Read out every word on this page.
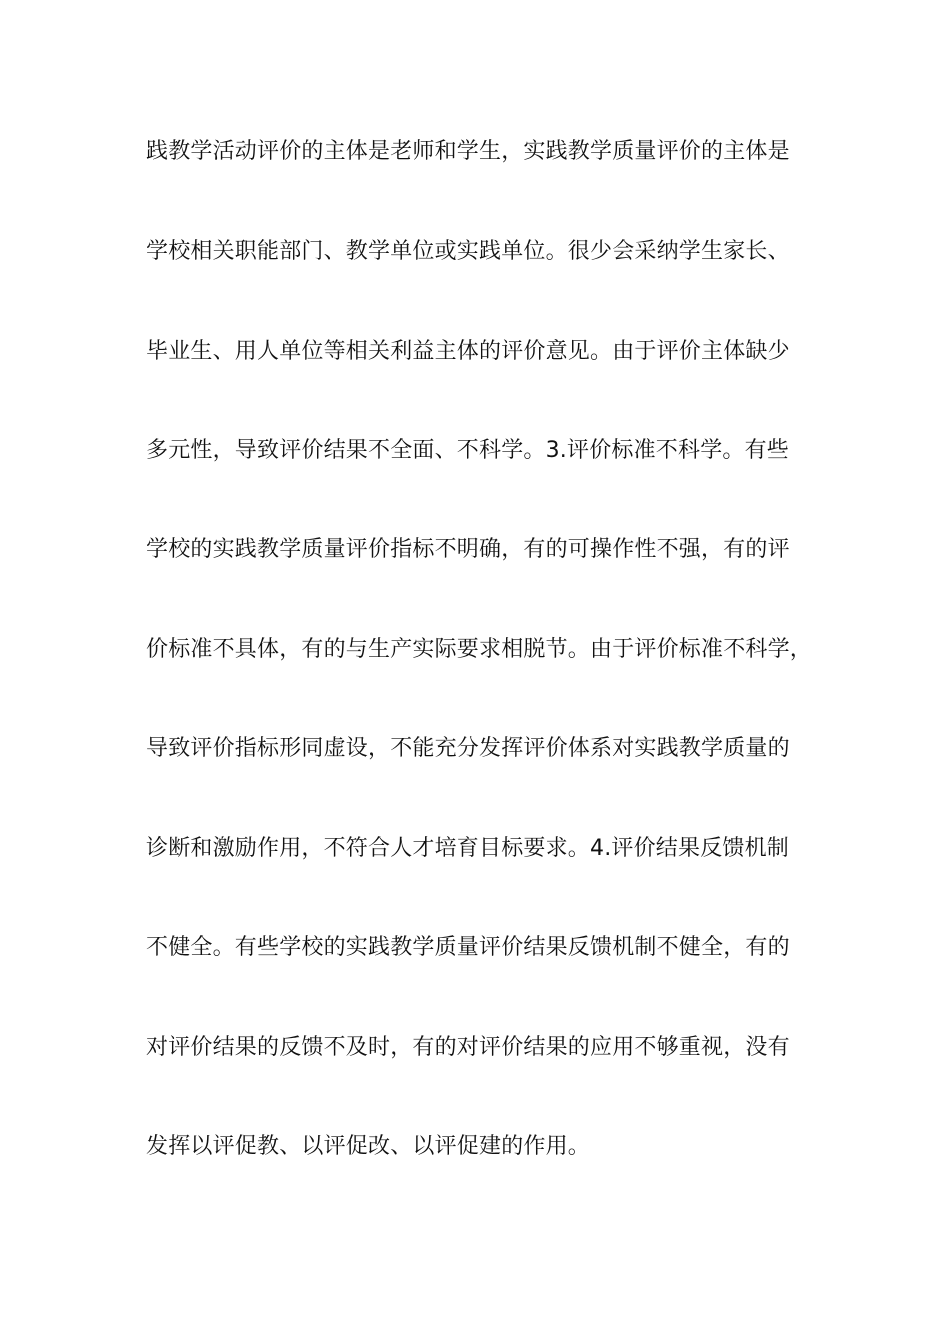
践教学活动评价的主体是老师和学生，实践教学质量评价的主体是
学校相关职能部门、教学单位或实践单位。很少会采纳学生家长、
毕业生、用人单位等相关利益主体的评价意见。由于评价主体缺少
多元性，导致评价结果不全面、不科学。3.评价标准不科学。有些
学校的实践教学质量评价指标不明确，有的可操作性不强，有的评
价标准不具体，有的与生产实际要求相脱节。由于评价标准不科学，
导致评价指标形同虚设，不能充分发挥评价体系对实践教学质量的
诊断和激励作用，不符合人才培育目标要求。4.评价结果反馈机制
不健全。有些学校的实践教学质量评价结果反馈机制不健全，有的
对评价结果的反馈不及时，有的对评价结果的应用不够重视，没有
发挥以评促教、以评促改、以评促建的作用。
